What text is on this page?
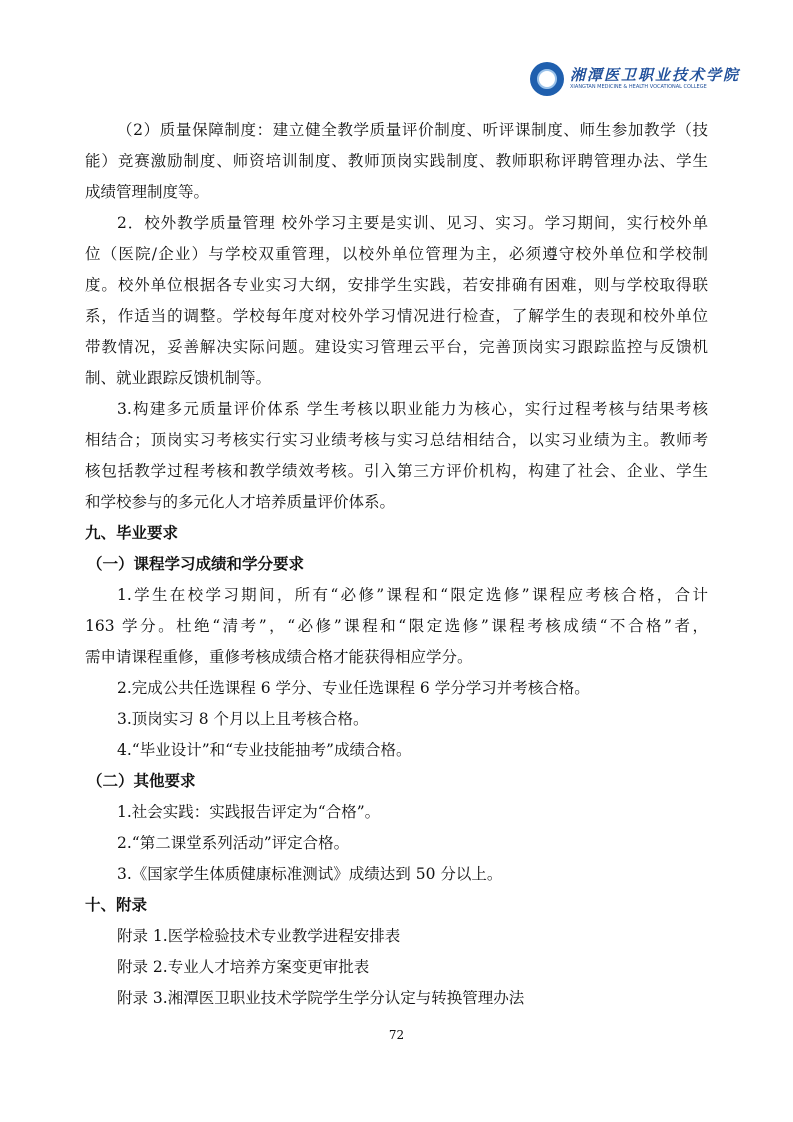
湘潭医卫职业技术学院
XIANGTAN MEDICINE & HEALTH VOCATIONAL COLLEGE
（2）质量保障制度：建立健全教学质量评价制度、听评课制度、师生参加教学（技
能）竞赛激励制度、师资培训制度、教师顶岗实践制度、教师职称评聘管理办法、学生
成绩管理制度等。
2．校外教学质量管理 校外学习主要是实训、见习、实习。学习期间，实行校外单
位（医院/企业）与学校双重管理，以校外单位管理为主，必须遵守校外单位和学校制
度。校外单位根据各专业实习大纲，安排学生实践，若安排确有困难，则与学校取得联
系，作适当的调整。学校每年度对校外学习情况进行检查，了解学生的表现和校外单位
带教情况，妥善解决实际问题。建设实习管理云平台，完善顶岗实习跟踪监控与反馈机
制、就业跟踪反馈机制等。
3.构建多元质量评价体系 学生考核以职业能力为核心，实行过程考核与结果考核
相结合；顶岗实习考核实行实习业绩考核与实习总结相结合，以实习业绩为主。教师考
核包括教学过程考核和教学绩效考核。引入第三方评价机构，构建了社会、企业、学生
和学校参与的多元化人才培养质量评价体系。
九、毕业要求
（一）课程学习成绩和学分要求
1.学生在校学习期间，所有“必修”课程和“限定选修”课程应考核合格，合计
163 学分。杜绝“清考”，“必修”课程和“限定选修”课程考核成绩“不合格”者，
需申请课程重修，重修考核成绩合格才能获得相应学分。
2.完成公共任选课程 6 学分、专业任选课程 6 学分学习并考核合格。
3.顶岗实习 8 个月以上且考核合格。
4.“毕业设计”和“专业技能抽考”成绩合格。
（二）其他要求
1.社会实践：实践报告评定为“合格”。
2.“第二课堂系列活动”评定合格。
3.《国家学生体质健康标准测试》成绩达到 50 分以上。
十、附录
附录 1.医学检验技术专业教学进程安排表
附录 2.专业人才培养方案变更审批表
附录 3.湘潭医卫职业技术学院学生学分认定与转换管理办法
72
